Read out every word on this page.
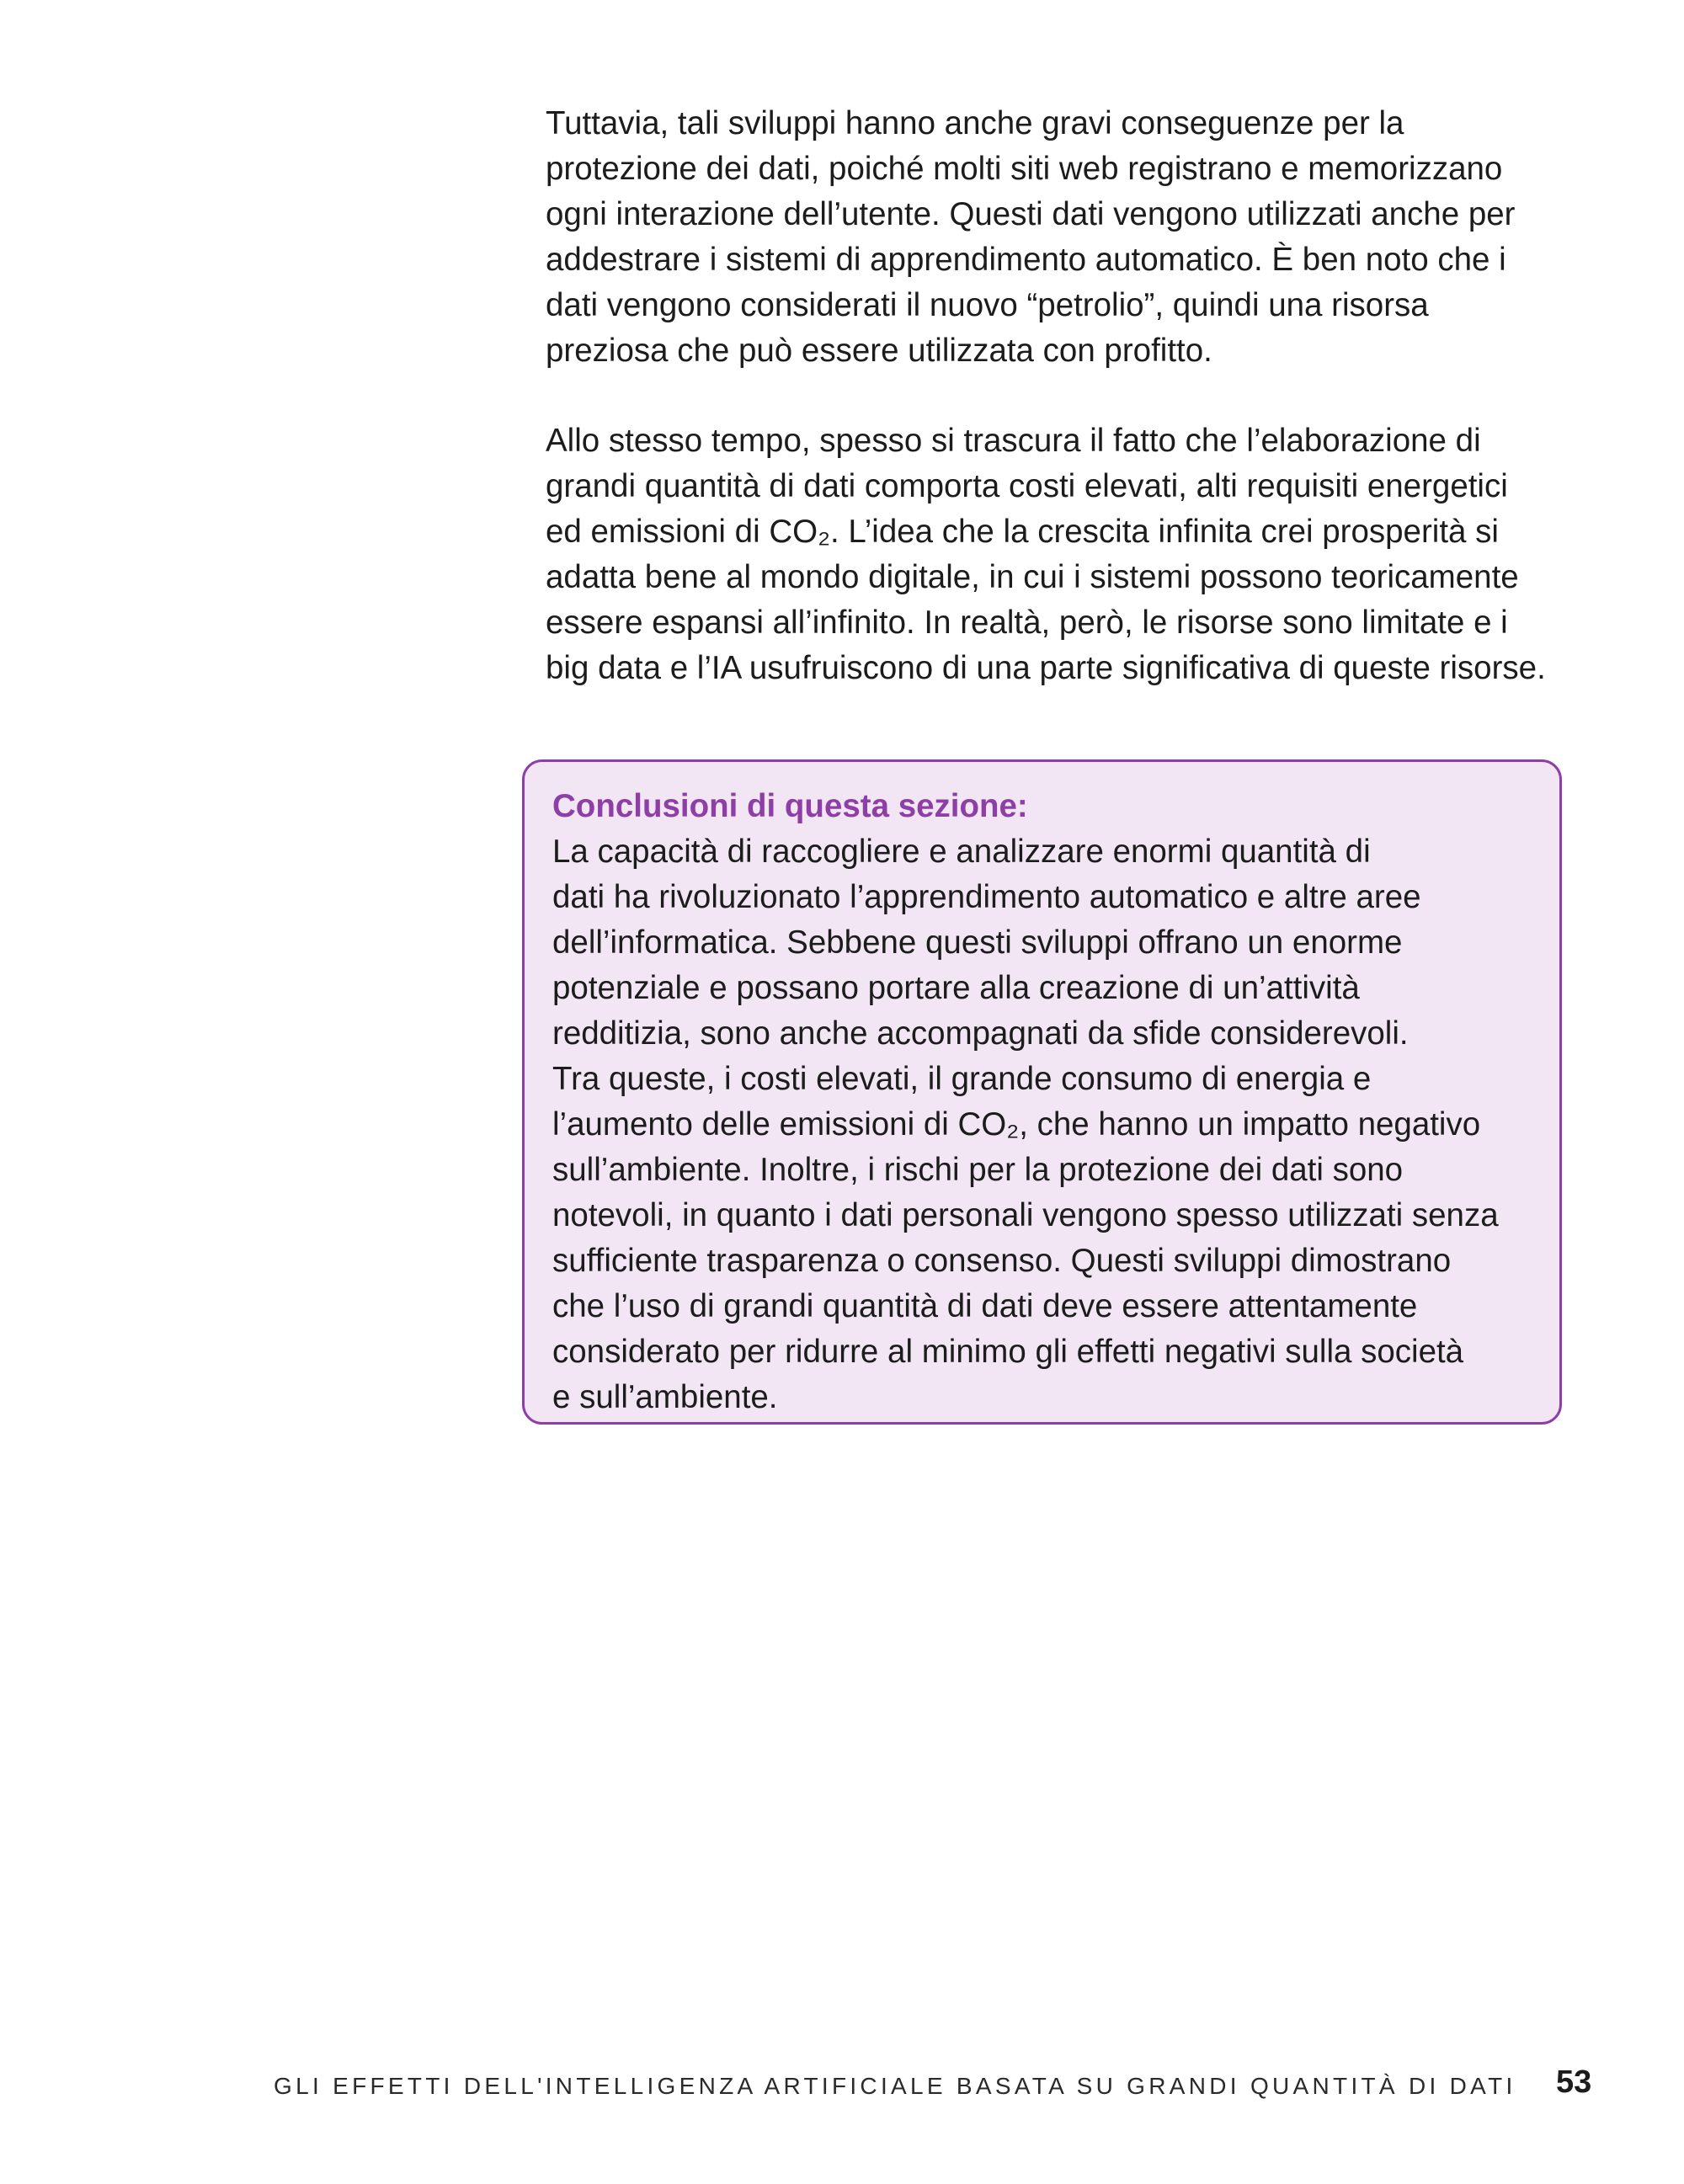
Tuttavia, tali sviluppi hanno anche gravi conseguenze per la
protezione dei dati, poiché molti siti web registrano e memorizzano
ogni interazione dell’utente. Questi dati vengono utilizzati anche per
addestrare i sistemi di apprendimento automatico. È ben noto che i
dati vengono considerati il nuovo “petrolio”, quindi una risorsa
preziosa che può essere utilizzata con profitto.

Allo stesso tempo, spesso si trascura il fatto che l’elaborazione di
grandi quantità di dati comporta costi elevati, alti requisiti energetici
ed emissioni di CO₂. L’idea che la crescita infinita crei prosperità si
adatta bene al mondo digitale, in cui i sistemi possono teoricamente
essere espansi all’infinito. In realtà, però, le risorse sono limitate e i
big data e l’IA usufruiscono di una parte significativa di queste risorse.

Conclusioni di questa sezione:

La capacità di raccogliere e analizzare enormi quantità di
dati ha rivoluzionato l’apprendimento automatico e altre aree
dell’informatica. Sebbene questi sviluppi offrano un enorme
potenziale e possano portare alla creazione di un’attività
redditizia, sono anche accompagnati da sfide considerevoli.
Tra queste, i costi elevati, il grande consumo di energia e
l’aumento delle emissioni di CO₂, che hanno un impatto negativo
sull’ambiente. Inoltre, i rischi per la protezione dei dati sono
notevoli, in quanto i dati personali vengono spesso utilizzati senza
sufficiente trasparenza o consenso. Questi sviluppi dimostrano
che l’uso di grandi quantità di dati deve essere attentamente
considerato per ridurre al minimo gli effetti negativi sulla società
e sull’ambiente.

GLI EFFETTI DELL'INTELLIGENZA ARTIFICIALE BASATA SU GRANDI QUANTITÀ DI DATI 53
